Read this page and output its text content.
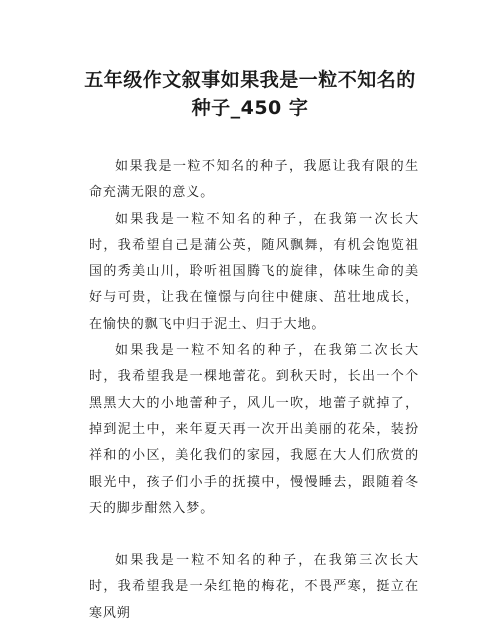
五年级作文叙事如果我是一粒不知名的
种子_450 字

如果我是一粒不知名的种子，我愿让我有限的生命充满无限的意义。

如果我是一粒不知名的种子，在我第一次长大时，我希望自己是蒲公英，随风飘舞，有机会饱览祖国的秀美山川，聆听祖国腾飞的旋律，体味生命的美好与可贵，让我在憧憬与向往中健康、茁壮地成长，在愉快的飘飞中归于泥土、归于大地。

如果我是一粒不知名的种子，在我第二次长大时，我希望我是一棵地蕾花。到秋天时，长出一个个黑黑大大的小地蕾种子，风儿一吹，地蕾子就掉了，掉到泥土中，来年夏天再一次开出美丽的花朵，装扮祥和的小区，美化我们的家园，我愿在大人们欣赏的眼光中，孩子们小手的抚摸中，慢慢睡去，跟随着冬天的脚步酣然入梦。

如果我是一粒不知名的种子，在我第三次长大时，我希望我是一朵红艳的梅花，不畏严寒，挺立在寒风朔
